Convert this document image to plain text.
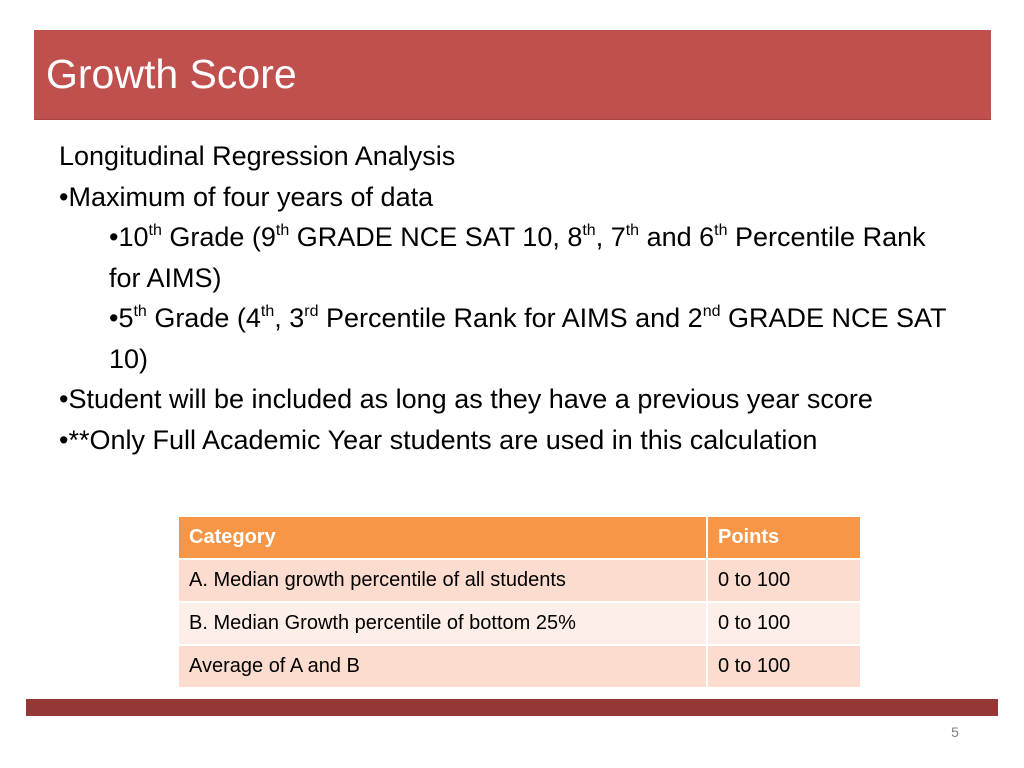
Growth Score

Longitudinal Regression Analysis

•Maximum of four years of data

•10th Grade (9th GRADE NCE SAT 10, 8th, 7th and 6th Percentile Rank for AIMS)

•5th Grade (4th, 3rd Percentile Rank for AIMS and 2nd GRADE NCE SAT 10)

•Student will be included as long as they have a previous year score

•**Only Full Academic Year students are used in this calculation

Category	Points
A. Median growth percentile of all students	0 to 100
B. Median Growth percentile of bottom 25%	0 to 100
Average of A and B	0 to 100
5
